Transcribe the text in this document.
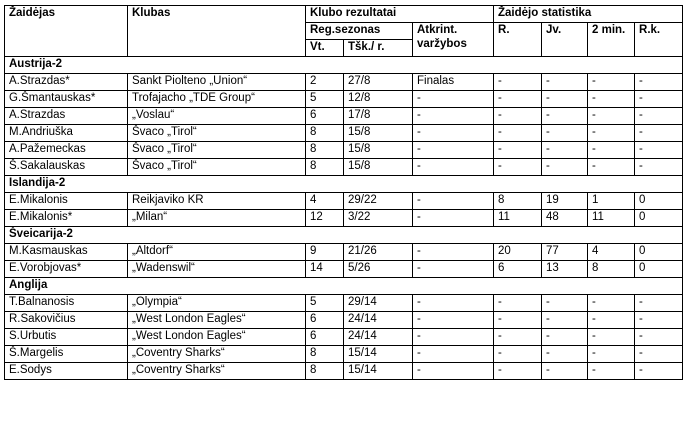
Žaidėjas	Klubas	Klubo rezultatai			Žaidėjo statistika			
		Reg.sezonas		Atkrint. varžybos	R.	Jv.	2 min.	R.k.
		Vt.	Tšk./ r.					
Austrija-2								
A.Strazdas*	Sankt Piolteno „Union“	2	27/8	Finalas	-	-	-	-
G.Šmantauskas*	Trofajacho „TDE Group“	5	12/8	-	-	-	-	-
A.Strazdas	„Voslau“	6	17/8	-	-	-	-	-
M.Andriuška	Švaco „Tirol“	8	15/8	-	-	-	-	-
A.Pažemeckas	Švaco „Tirol“	8	15/8	-	-	-	-	-
Š.Sakalauskas	Švaco „Tirol“	8	15/8	-	-	-	-	-
Islandija-2								
E.Mikalonis	Reikjaviko KR	4	29/22	-	8	19	1	0
E.Mikalonis*	„Milan“	12	3/22	-	11	48	11	0
Šveicarija-2								
M.Kasmauskas	„Altdorf“	9	21/26	-	20	77	4	0
E.Vorobjovas*	„Wadenswil“	14	5/26	-	6	13	8	0
Anglija								
T.Balnanosis	„Olympia“	5	29/14	-	-	-	-	-
R.Sakovičius	„West London Eagles“	6	24/14	-	-	-	-	-
S.Urbutis	„West London Eagles“	6	24/14	-	-	-	-	-
Š.Margelis	„Coventry Sharks“	8	15/14	-	-	-	-	-
E.Sodys	„Coventry Sharks“	8	15/14	-	-	-	-	-
